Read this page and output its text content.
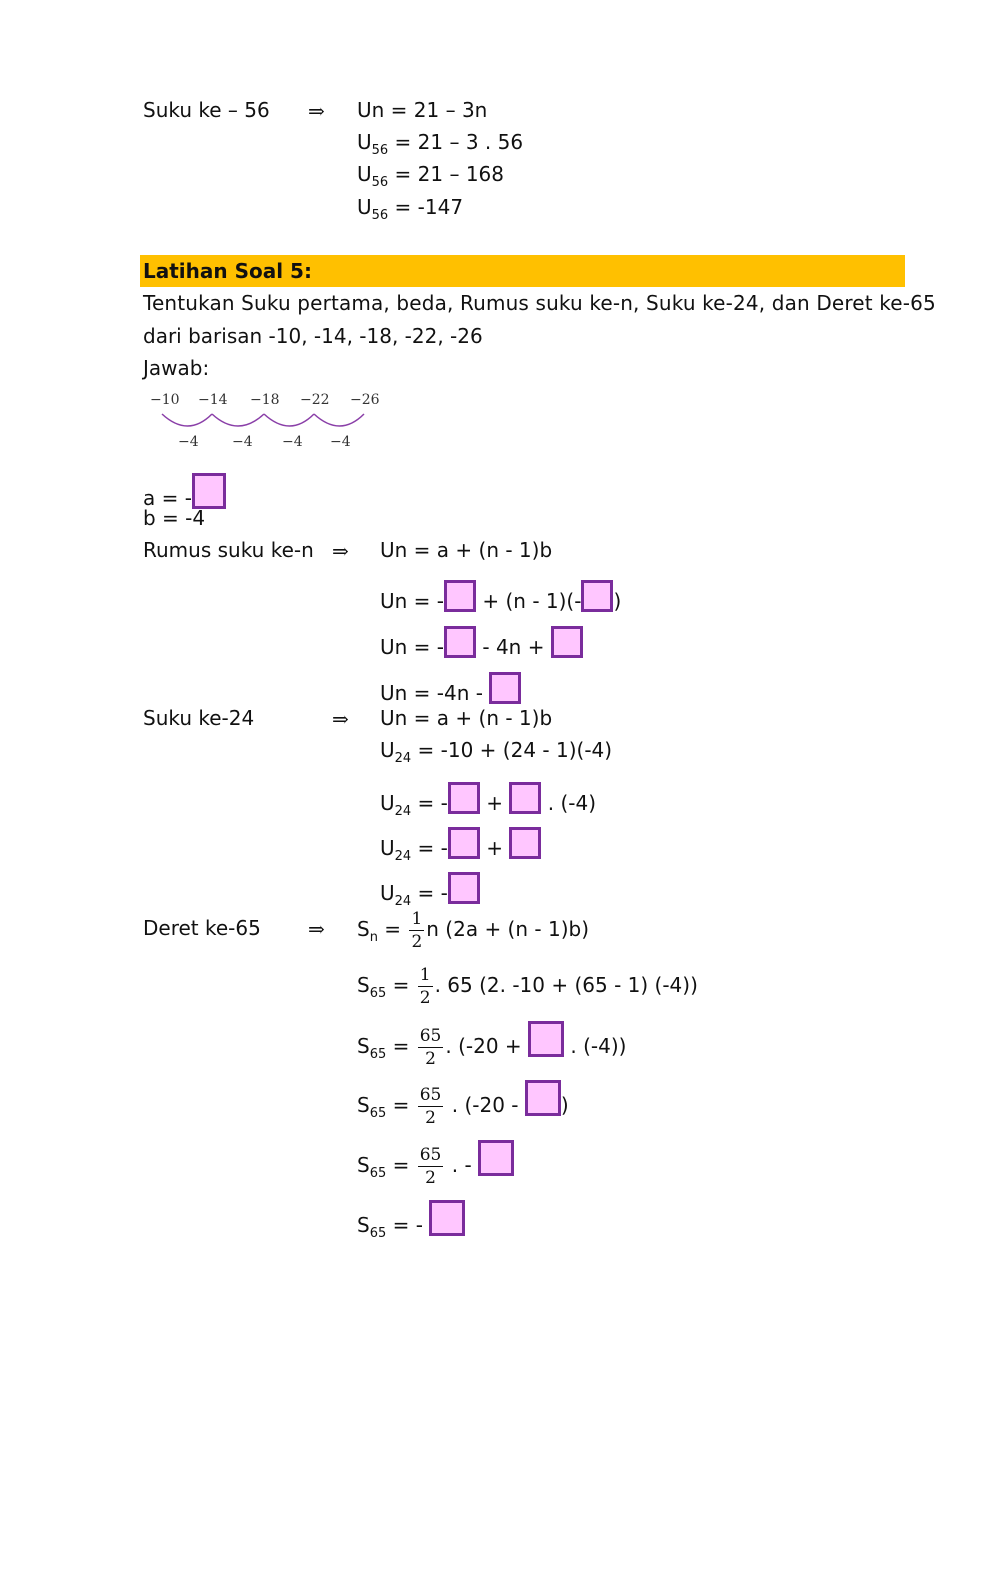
Suku ke – 56 ⇒ Un = 21 – 3n
$U_{56} = 21 - 3$ . 56
$U_{56} = 21 - 168$
$U_{56} = -147$
Latihan Soal 5:
Tentukan Suku pertama, beda, Rumus suku ke-n, Suku ke-24, dan Deret ke-65
dari barisan -10, -14, -18, -22, -26
Jawab:
−10 −14 −18 −22 −26
−4 −4 −4 −4
a = -
b = -4
Rumus suku ke-n ⇒ Un = a + (n - 1)b
Un = - + (n - 1)(- )
Un = - - 4n +
Un = -4n -
Suku ke-24	⇒ Un = a + (n - 1)b
$U_{24} = -10 + (24 - 1)(-4)$
$U_{24}$ = - +  . (-4)
$U_{24}$ = - +
$U_{24}$ = -
Deret ke-65 ⇒ $S_n = \frac{1}{2}$ n (2a + (n - 1)b)
$S_{65} = \frac{1}{2}$ . 65 (2. -10 + (65 - 1) (-4))
$S_{65} = \frac{65}{2}$ . (-20 +  . (-4))
$S_{65} = \frac{65}{2}$ . (-20 - )
$S_{65} = \frac{65}{2}$ . -
$S_{65}$ = -
